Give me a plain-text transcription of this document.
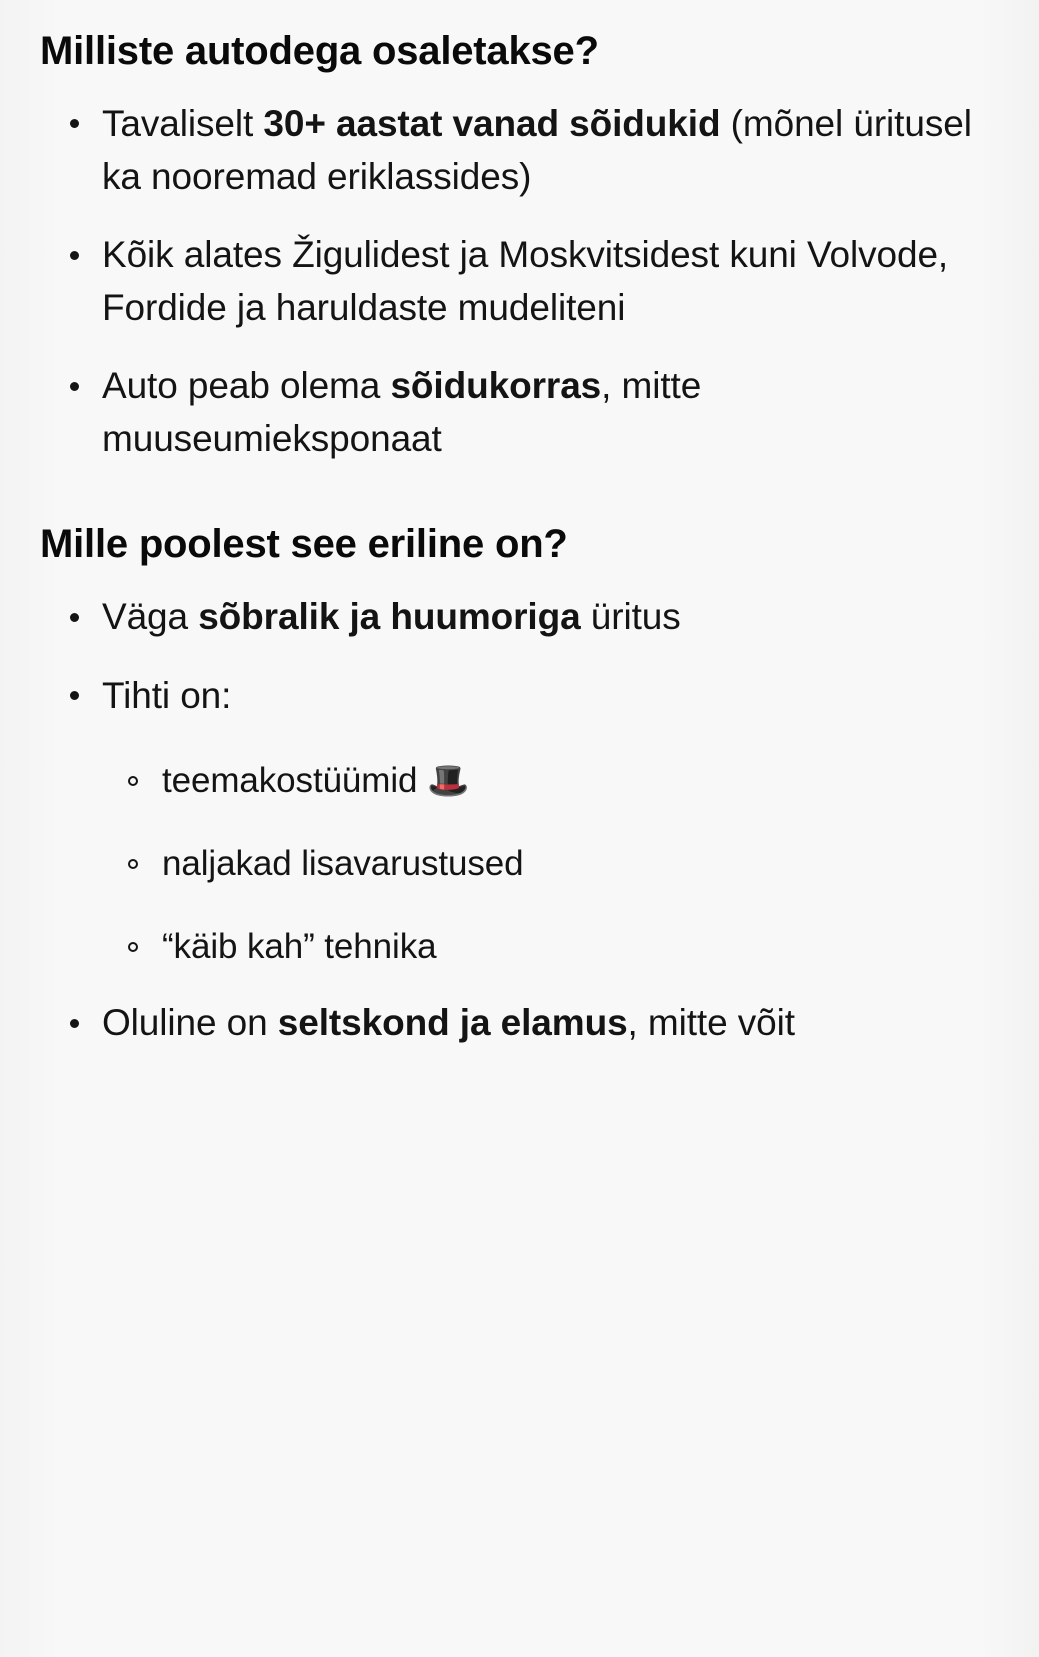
Milliste autodega osaletakse?
Tavaliselt 30+ aastat vanad sõidukid (mõnel üritusel ka nooremad eriklassides)
Kõik alates Žigulidest ja Moskvitsidest kuni Volvode, Fordide ja haruldaste mudeliteni
Auto peab olema sõidukorras, mitte muuseumieksponaat
Mille poolest see eriline on?
Väga sõbralik ja huumoriga üritus
Tihti on:
teemakostüümid 🎩
naljakad lisavarustused
“käib kah” tehnika
Oluline on seltskond ja elamus, mitte võit
